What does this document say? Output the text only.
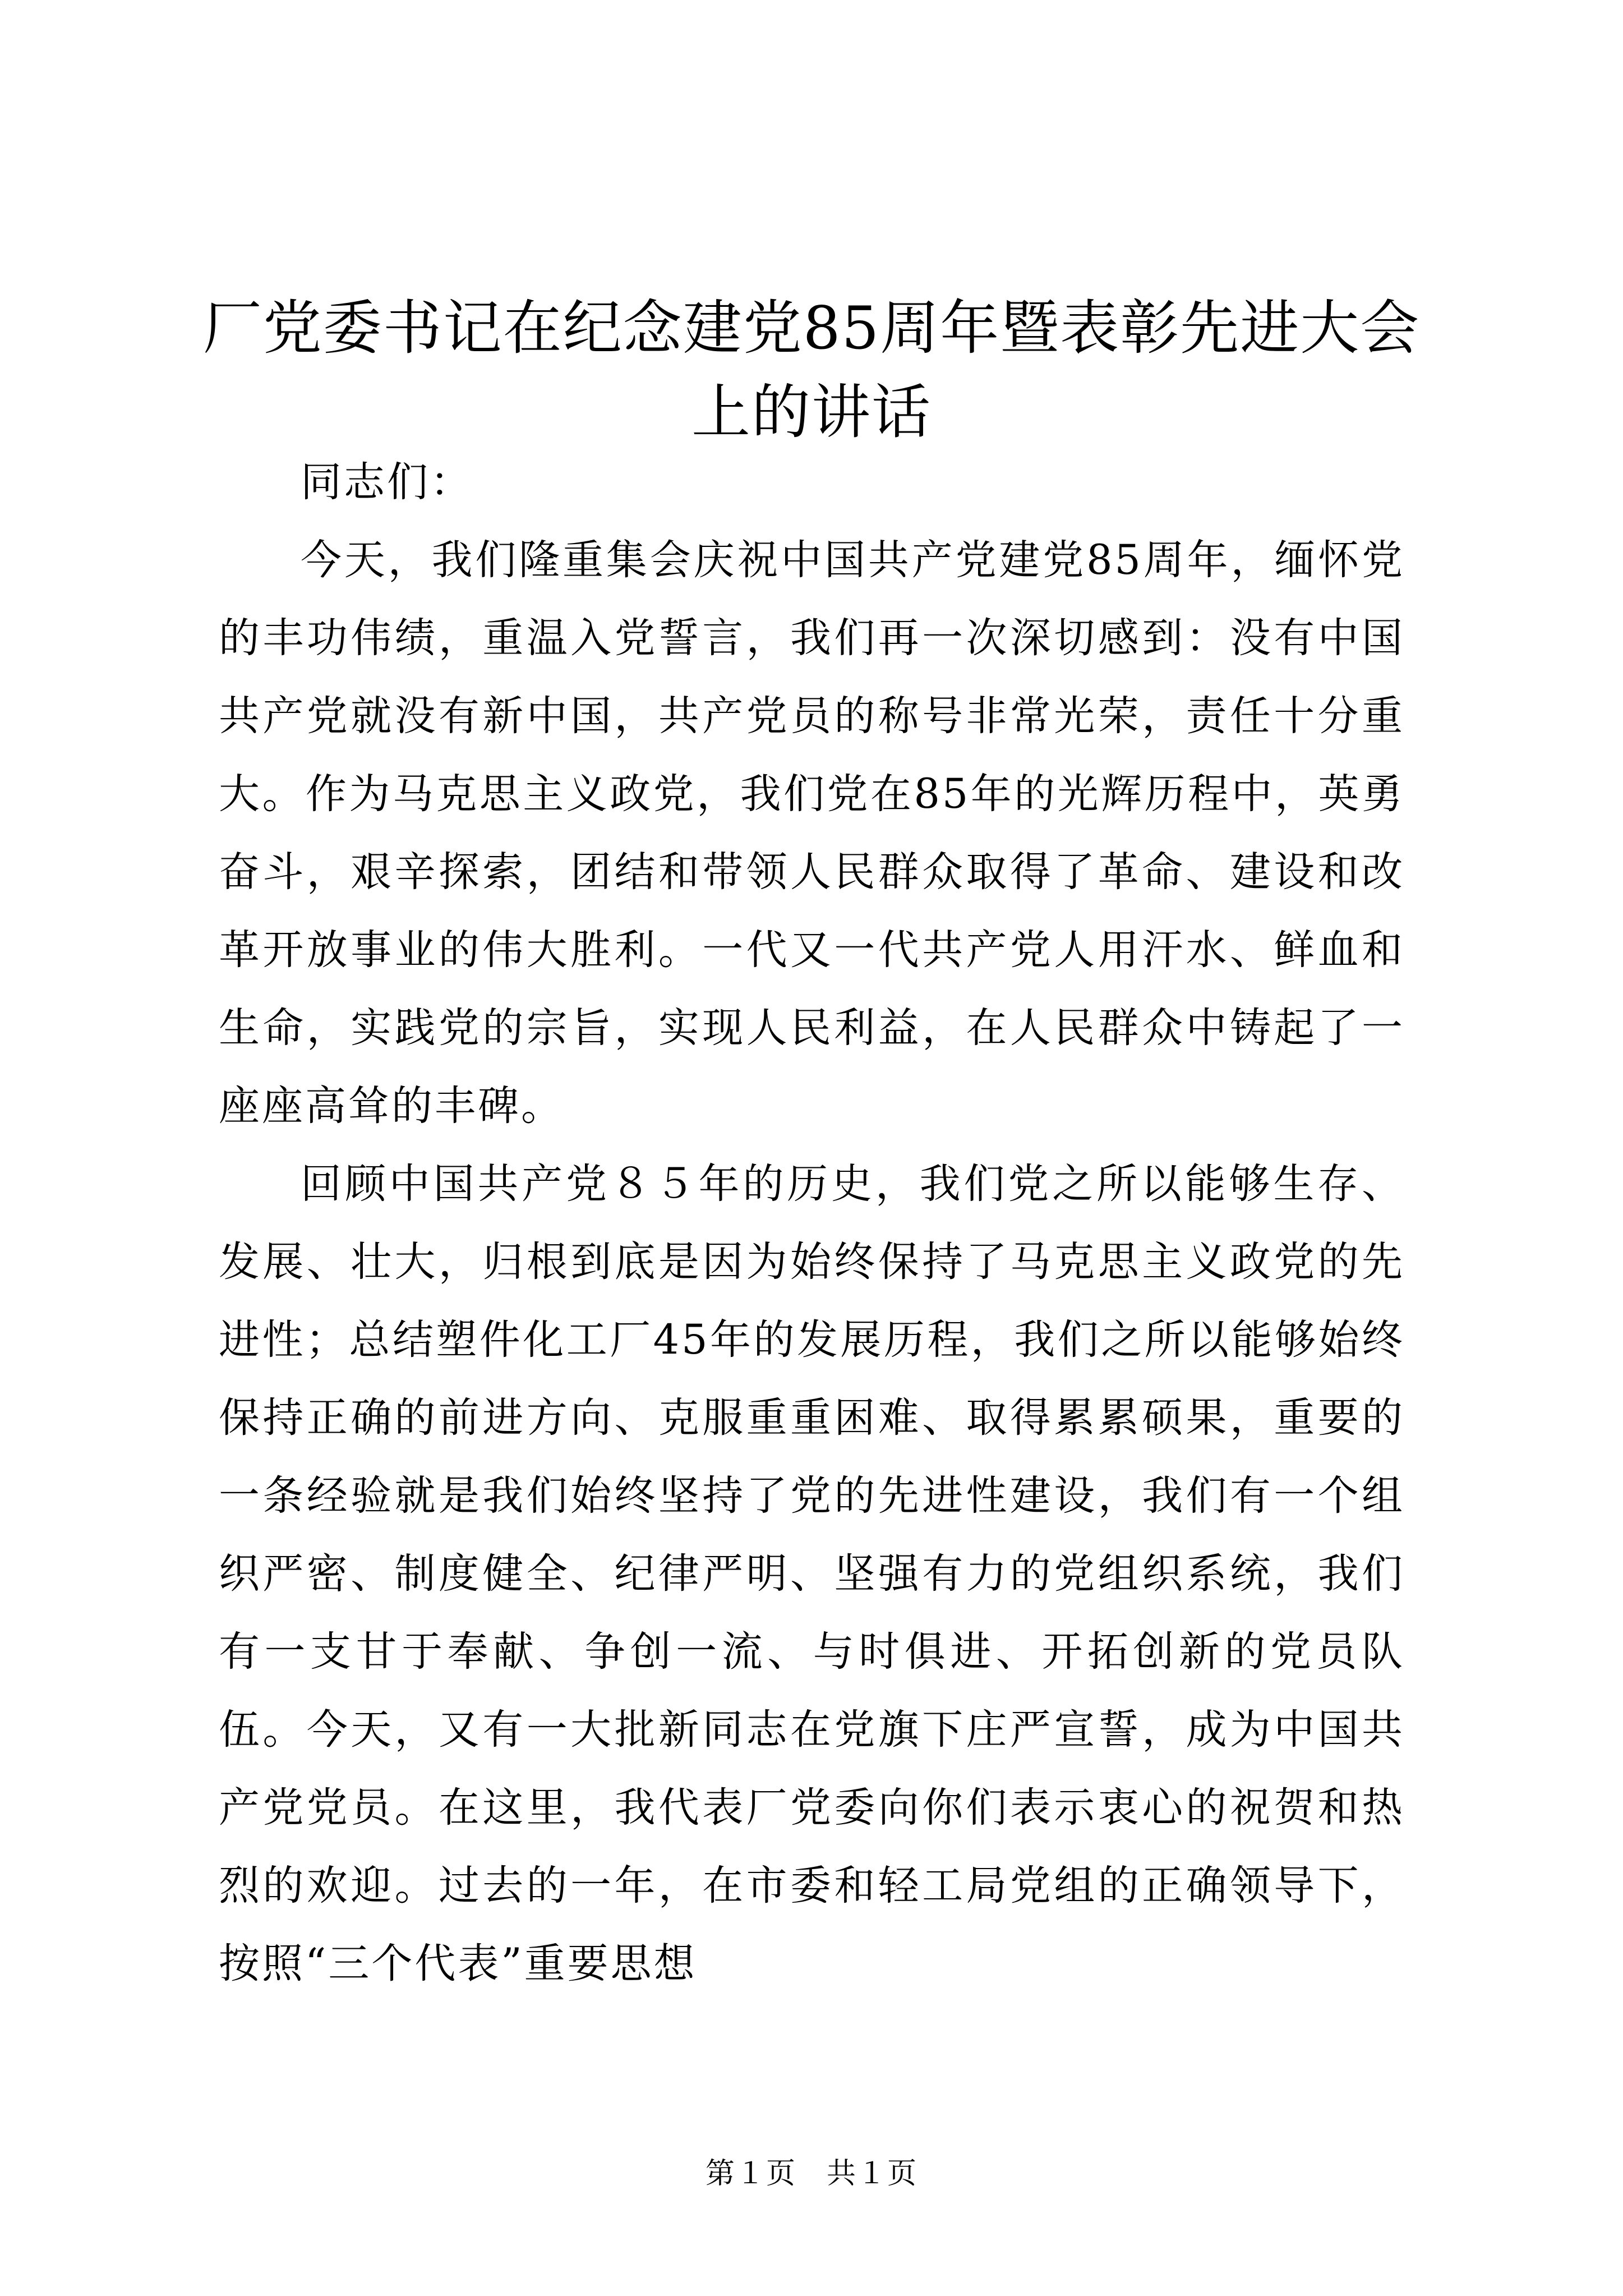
厂党委书记在纪念建党85周年暨表彰先进大会上的讲话

同志们：

今天，我们隆重集会庆祝中国共产党建党85周年，缅怀党的丰功伟绩，重温入党誓言，我们再一次深切感到：没有中国共产党就没有新中国，共产党员的称号非常光荣，责任十分重大。作为马克思主义政党，我们党在85年的光辉历程中，英勇奋斗，艰辛探索，团结和带领人民群众取得了革命、建设和改革开放事业的伟大胜利。一代又一代共产党人用汗水、鲜血和生命，实践党的宗旨，实现人民利益，在人民群众中铸起了一座座高耸的丰碑。

回顾中国共产党８５年的历史，我们党之所以能够生存、发展、壮大，归根到底是因为始终保持了马克思主义政党的先进性；总结塑件化工厂45年的发展历程，我们之所以能够始终保持正确的前进方向、克服重重困难、取得累累硕果，重要的一条经验就是我们始终坚持了党的先进性建设，我们有一个组织严密、制度健全、纪律严明、坚强有力的党组织系统，我们有一支甘于奉献、争创一流、与时俱进、开拓创新的党员队伍。今天，又有一大批新同志在党旗下庄严宣誓，成为中国共产党党员。在这里，我代表厂党委向你们表示衷心的祝贺和热烈的欢迎。过去的一年，在市委和轻工局党组的正确领导下，按照“三个代表”重要思想

第１页　共１页
